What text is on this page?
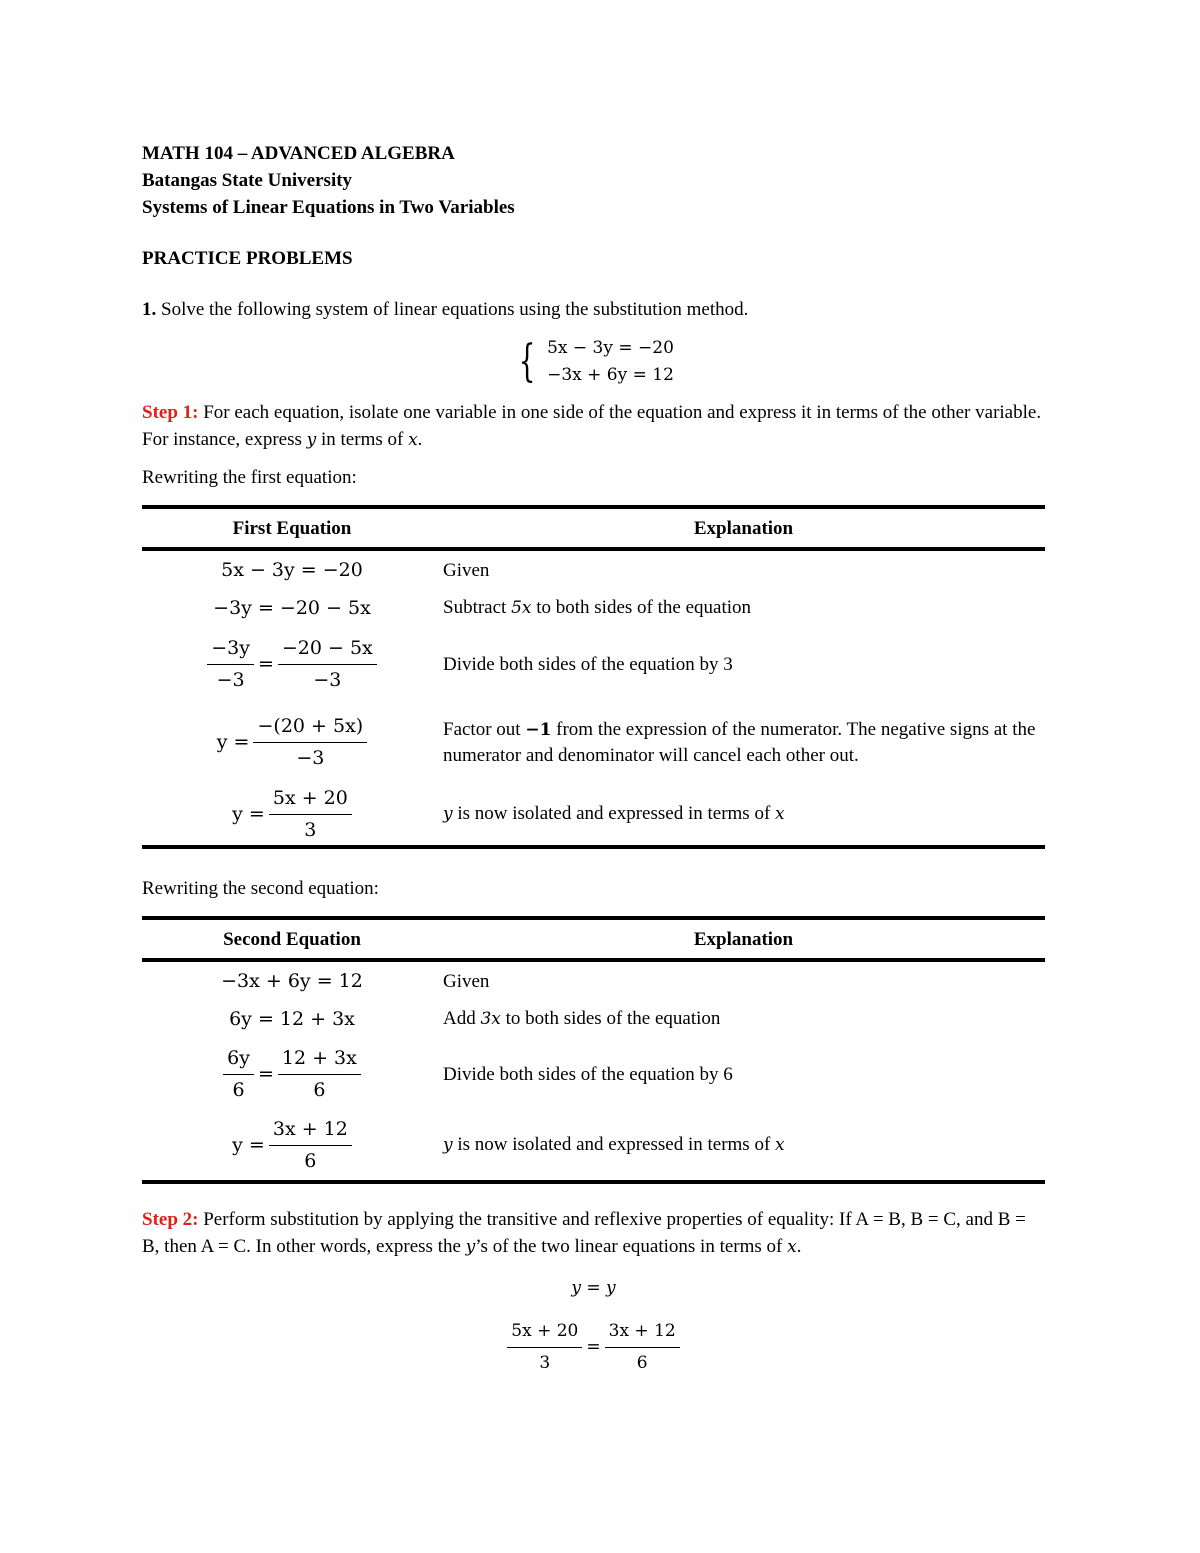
MATH 104 – ADVANCED ALGEBRA

Batangas State University

Systems of Linear Equations in Two Variables

PRACTICE PROBLEMS

1. Solve the following system of linear equations using the substitution method.

{ 5x − 3y = −20
−3x + 6y = 12

Step 1: For each equation, isolate one variable in one side of the equation and express it in terms of the other variable. For instance, express y in terms of x.

Rewriting the first equation:

First Equation	Explanation
5x − 3y = −20	Given
−3y = −20 − 5x	Subtract 5x to both sides of the equation

$\frac{-3y}{-3} = \frac{-20 - 5x}{-3}$	Divide both sides of the equation by 3

$y = \frac{-(20 + 5x)}{-3}$	Factor out −1 from the expression of the numerator. The negative signs at the numerator and denominator will cancel each other out.

$y = \frac{5x + 20}{3}$	y is now isolated and expressed in terms of x

Rewriting the second equation:

Second Equation	Explanation
−3x + 6y = 12	Given
6y = 12 + 3x	Add 3x to both sides of the equation

$\frac{6y}{6} = \frac{12 + 3x}{6}$	Divide both sides of the equation by 6

$y = \frac{3x + 12}{6}$	y is now isolated and expressed in terms of x

Step 2: Perform substitution by applying the transitive and reflexive properties of equality: If A = B, B = C, and B = B, then A = C. In other words, express the y’s of the two linear equations in terms of x.

y = y
$\frac{5x + 20}{3} = \frac{3x + 12}{6}$
